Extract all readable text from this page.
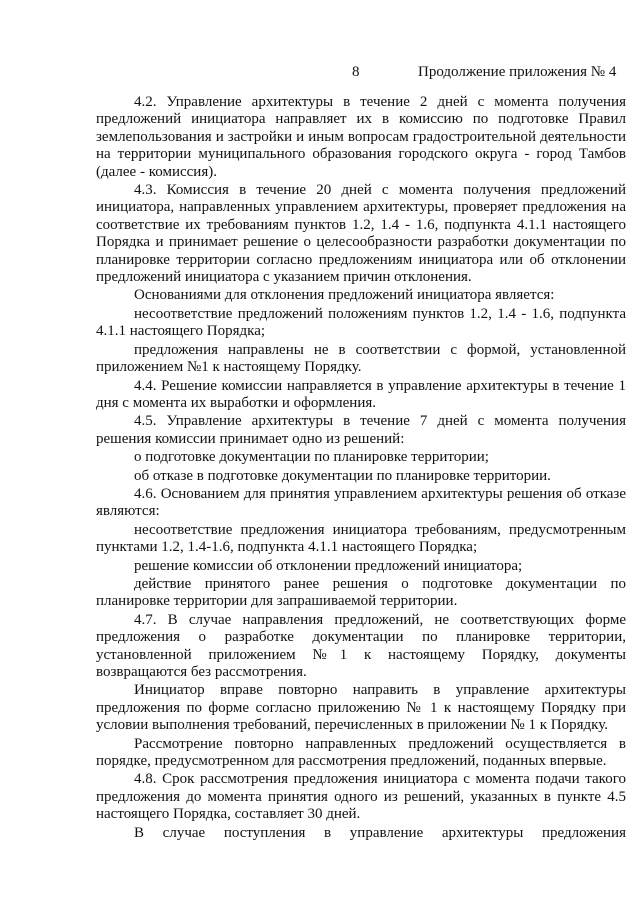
8	Продолжение приложения № 4

4.2. Управление архитектуры в течение 2 дней с момента получения предложений инициатора направляет их в комиссию по подготовке Правил землепользования и застройки и иным вопросам градостроительной деятельности на территории муниципального образования городского округа - город Тамбов (далее - комиссия).

4.3. Комиссия в течение 20 дней с момента получения предложений инициатора, направленных управлением архитектуры, проверяет предложения на соответствие их требованиям пунктов 1.2, 1.4 - 1.6, подпункта 4.1.1 настоящего Порядка и принимает решение о целесообразности разработки документации по планировке территории согласно предложениям инициатора или об отклонении предложений инициатора с указанием причин отклонения.

Основаниями для отклонения предложений инициатора является:

несоответствие предложений положениям пунктов 1.2, 1.4 - 1.6, подпункта 4.1.1 настоящего Порядка;

предложения направлены не в соответствии с формой, установленной приложением №1 к настоящему Порядку.

4.4. Решение комиссии направляется в управление архитектуры в течение 1 дня с момента их выработки и оформления.

4.5. Управление архитектуры в течение 7 дней с момента получения решения комиссии принимает одно из решений:

о подготовке документации по планировке территории;

об отказе в подготовке документации по планировке территории.

4.6. Основанием для принятия управлением архитектуры решения об отказе являются:

несоответствие предложения инициатора требованиям, предусмотренным пунктами 1.2, 1.4-1.6, подпункта 4.1.1 настоящего Порядка;

решение комиссии об отклонении предложений инициатора;

действие принятого ранее решения о подготовке документации по планировке территории для запрашиваемой территории.

4.7. В случае направления предложений, не соответствующих форме предложения о разработке документации по планировке территории, установленной приложением №1 к настоящему Порядку, документы возвращаются без рассмотрения.

Инициатор вправе повторно направить в управление архитектуры предложения по форме согласно приложению № 1 к настоящему Порядку при условии выполнения требований, перечисленных в приложении № 1 к Порядку.

Рассмотрение повторно направленных предложений осуществляется в порядке, предусмотренном для рассмотрения предложений, поданных впервые.

4.8. Срок рассмотрения предложения инициатора с момента подачи такого предложения до момента принятия одного из решений, указанных в пункте 4.5 настоящего Порядка, составляет 30 дней.

В случае поступления в управление архитектуры предложения
